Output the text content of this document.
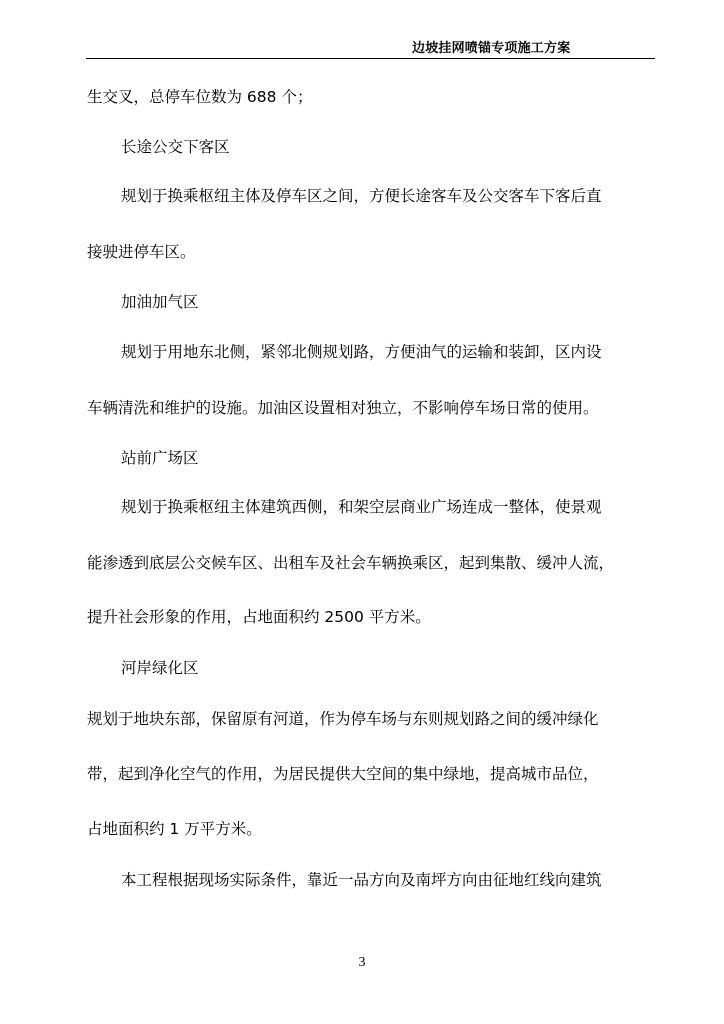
边坡挂网喷锚专项施工方案
生交叉，总停车位数为 688 个；
长途公交下客区
规划于换乘枢纽主体及停车区之间，方便长途客车及公交客车下客后直
接驶进停车区。
加油加气区
规划于用地东北侧，紧邻北侧规划路，方便油气的运输和装卸，区内设
车辆清洗和维护的设施。加油区设置相对独立，不影响停车场日常的使用。
站前广场区
规划于换乘枢纽主体建筑西侧，和架空层商业广场连成一整体，使景观
能渗透到底层公交候车区、出租车及社会车辆换乘区，起到集散、缓冲人流，
提升社会形象的作用，占地面积约 2500 平方米。
河岸绿化区
规划于地块东部，保留原有河道，作为停车场与东则规划路之间的缓冲绿化
带，起到净化空气的作用，为居民提供大空间的集中绿地，提高城市品位，
占地面积约 1 万平方米。
本工程根据现场实际条件，靠近一品方向及南坪方向由征地红线向建筑
3
